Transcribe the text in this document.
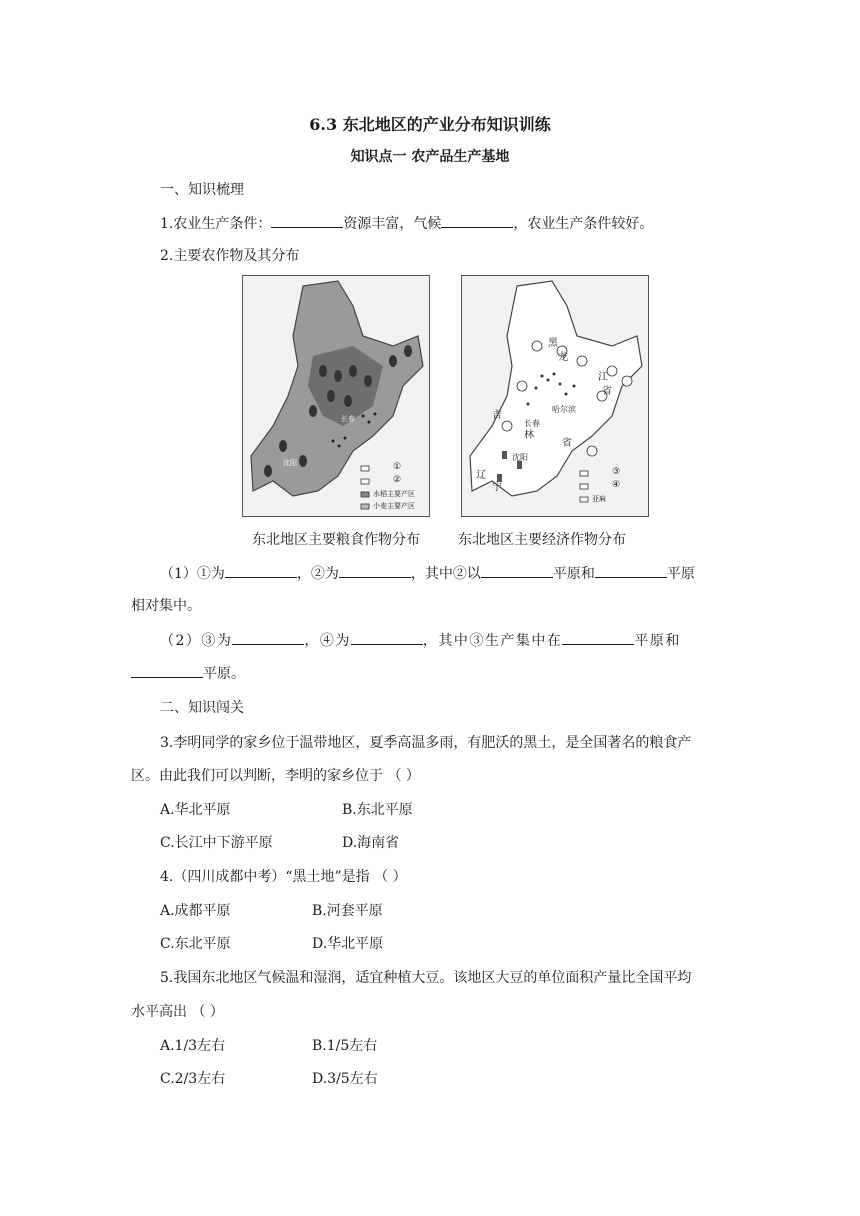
6.3 东北地区的产业分布知识训练
知识点一 农产品生产基地
一、知识梳理
1.农业生产条件：	资源丰富，气候	，农业生产条件较好。
2.主要农作物及其分布
①
②
水稻主要产区
小麦主要产区
长春
沈阳
黑
龙
江
省
吉
林
省
辽
宁
哈尔滨
长春
沈阳
③
④
亚麻
东北地区主要粮食作物分布	东北地区主要经济作物分布
（1）①为	，②为	，其中②以	平原和	平原
相对集中。
（2）③为	，④为	，其中③生产集中在	平原和
平原。
二、知识闯关
3.李明同学的家乡位于温带地区，夏季高温多雨，有肥沃的黑土，是全国著名的粮食产
区。由此我们可以判断，李明的家乡位于 （ ）
A.华北平原	B.东北平原
C.长江中下游平原	D.海南省
4.（四川成都中考）“黑土地”是指 （ ）
A.成都平原	B.河套平原
C.东北平原	D.华北平原
5.我国东北地区气候温和湿润，适宜种植大豆。该地区大豆的单位面积产量比全国平均
水平高出 （ ）
A.1/3左右	B.1/5左右
C.2/3左右	D.3/5左右
